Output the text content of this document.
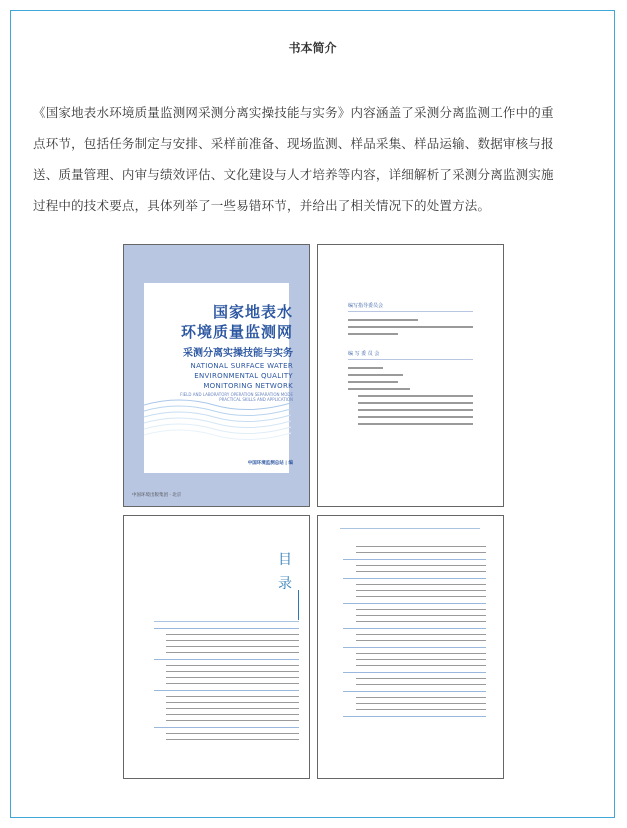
书本简介
《国家地表水环境质量监测网采测分离实操技能与实务》内容涵盖了采测分离监测工作中的重
点环节，包括任务制定与安排、采样前准备、现场监测、样品采集、样品运输、数据审核与报
送、质量管理、内审与绩效评估、文化建设与人才培养等内容，详细解析了采测分离监测实施
过程中的技术要点，具体列举了一些易错环节，并给出了相关情况下的处置方法。
国家地表水
环境质量监测网
采测分离实操技能与实务
NATIONAL SURFACE WATER
ENVIRONMENTAL QUALITY
MONITORING NETWORK
FIELD AND LABORATORY OPERATION SEPARATION MODE
PRACTICAL SKILLS AND APPLICATION
中国环境监测总站 | 编
中国环境出版集团 · 北京
编写指导委员会
编 写 委 员 会
目
录
